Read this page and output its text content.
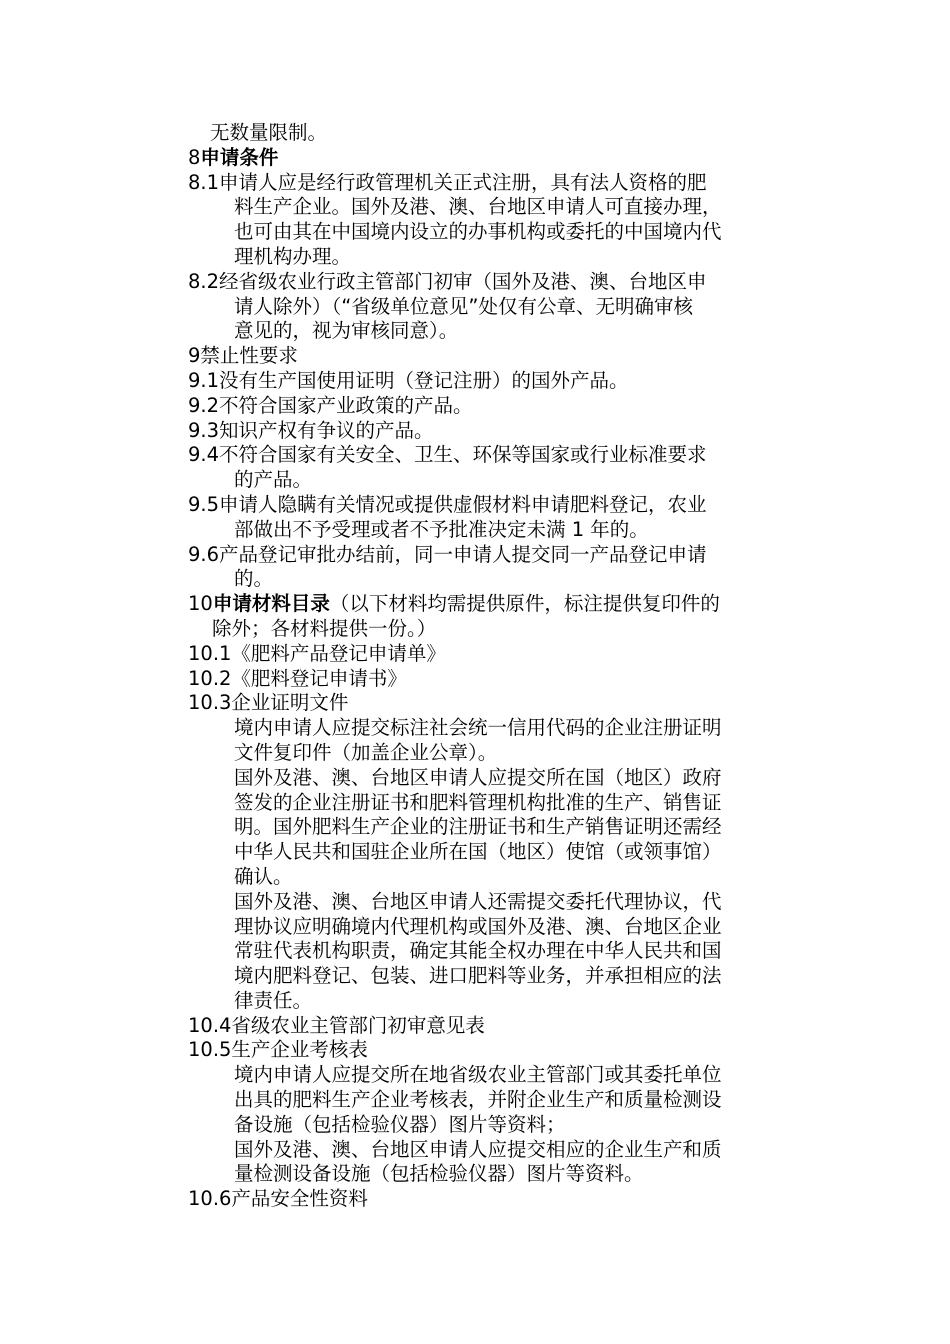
无数量限制。
8申请条件
8.1申请人应是经行政管理机关正式注册，具有法人资格的肥
料生产企业。国外及港、澳、台地区申请人可直接办理，
也可由其在中国境内设立的办事机构或委托的中国境内代
理机构办理。
8.2经省级农业行政主管部门初审（国外及港、澳、台地区申
请人除外）（“省级单位意见”处仅有公章、无明确审核
意见的，视为审核同意）。
9禁止性要求
9.1没有生产国使用证明（登记注册）的国外产品。
9.2不符合国家产业政策的产品。
9.3知识产权有争议的产品。
9.4不符合国家有关安全、卫生、环保等国家或行业标准要求
的产品。
9.5申请人隐瞒有关情况或提供虚假材料申请肥料登记，农业
部做出不予受理或者不予批准决定未满 1 年的。
9.6产品登记审批办结前，同一申请人提交同一产品登记申请
的。
10申请材料目录（以下材料均需提供原件，标注提供复印件的
除外；各材料提供一份。）
10.1《肥料产品登记申请单》
10.2《肥料登记申请书》
10.3企业证明文件
境内申请人应提交标注社会统一信用代码的企业注册证明
文件复印件（加盖企业公章）。
国外及港、澳、台地区申请人应提交所在国（地区）政府
签发的企业注册证书和肥料管理机构批准的生产、销售证
明。国外肥料生产企业的注册证书和生产销售证明还需经
中华人民共和国驻企业所在国（地区）使馆（或领事馆）
确认。
国外及港、澳、台地区申请人还需提交委托代理协议，代
理协议应明确境内代理机构或国外及港、澳、台地区企业
常驻代表机构职责，确定其能全权办理在中华人民共和国
境内肥料登记、包装、进口肥料等业务，并承担相应的法
律责任。
10.4省级农业主管部门初审意见表
10.5生产企业考核表
境内申请人应提交所在地省级农业主管部门或其委托单位
出具的肥料生产企业考核表，并附企业生产和质量检测设
备设施（包括检验仪器）图片等资料；
国外及港、澳、台地区申请人应提交相应的企业生产和质
量检测设备设施（包括检验仪器）图片等资料。
10.6产品安全性资料
